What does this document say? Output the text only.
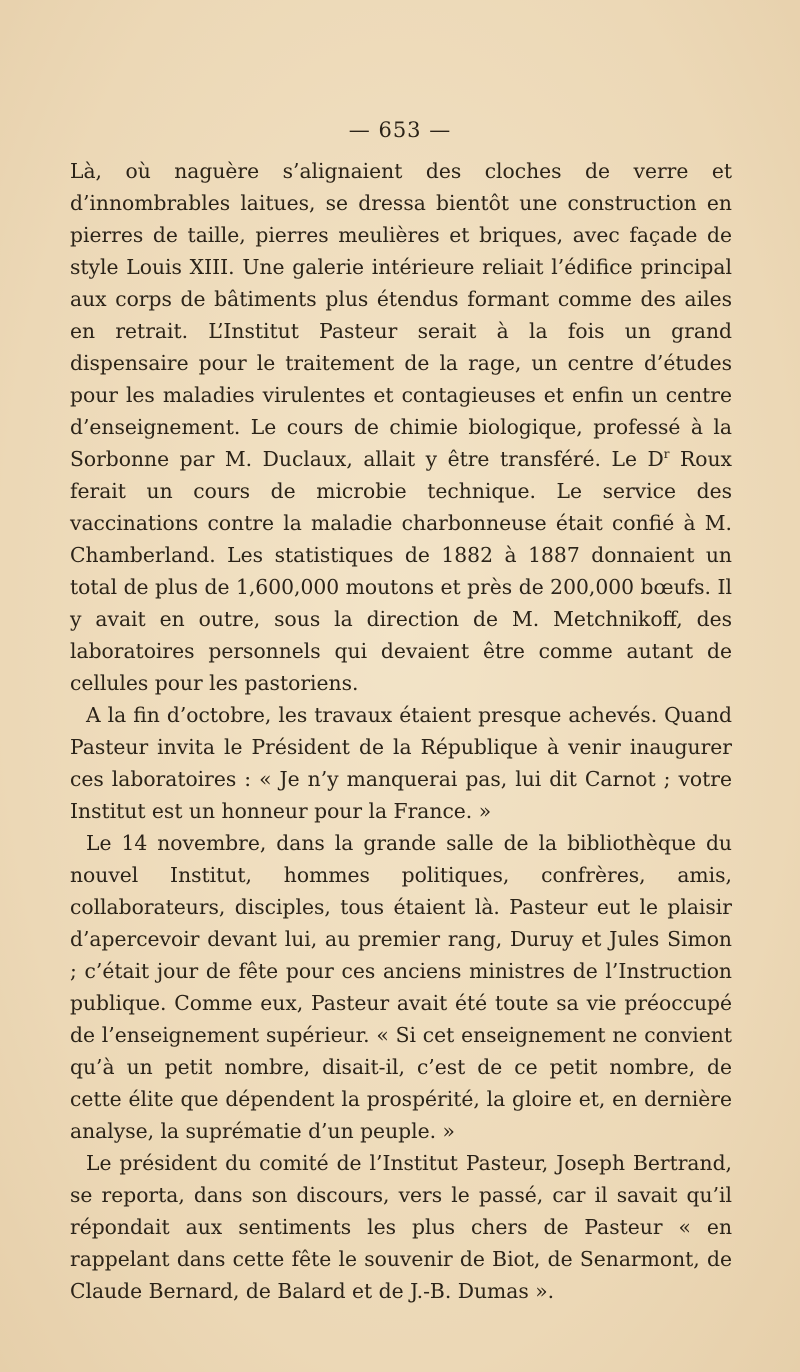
— 653 —

Là, où naguère s’alignaient des cloches de verre et d’innombrables laitues, se dressa bientôt une construction en pierres de taille, pierres meulières et briques, avec façade de style Louis XIII. Une galerie intérieure reliait l’édifice principal aux corps de bâtiments plus étendus formant comme des ailes en retrait. L’Institut Pasteur serait à la fois un grand dispensaire pour le traitement de la rage, un centre d’études pour les maladies virulentes et contagieuses et enfin un centre d’enseignement. Le cours de chimie biologique, professé à la Sorbonne par M. Duclaux, allait y être transféré. Le $D^r$ Roux ferait un cours de microbie technique. Le service des vaccinations contre la maladie charbonneuse était confié à M. Chamberland. Les statistiques de 1882 à 1887 donnaient un total de plus de 1,600,000 moutons et près de 200,000 bœufs. Il y avait en outre, sous la direction de M. Metchnikoff, des laboratoires personnels qui devaient être comme autant de cellules pour les pastoriens.

A la fin d’octobre, les travaux étaient presque achevés. Quand Pasteur invita le Président de la République à venir inaugurer ces laboratoires : « Je n’y manquerai pas, lui dit Carnot ; votre Institut est un honneur pour la France. »

Le 14 novembre, dans la grande salle de la bibliothèque du nouvel Institut, hommes politiques, confrères, amis, collaborateurs, disciples, tous étaient là. Pasteur eut le plaisir d’apercevoir devant lui, au premier rang, Duruy et Jules Simon ; c’était jour de fête pour ces anciens ministres de l’Instruction publique. Comme eux, Pasteur avait été toute sa vie préoccupé de l’enseignement supérieur. « Si cet enseignement ne convient qu’à un petit nombre, disait-il, c’est de ce petit nombre, de cette élite que dépendent la prospérité, la gloire et, en dernière analyse, la suprématie d’un peuple. »

Le président du comité de l’Institut Pasteur, Joseph Bertrand, se reporta, dans son discours, vers le passé, car il savait qu’il répondait aux sentiments les plus chers de Pasteur « en rappelant dans cette fête le souvenir de Biot, de Senarmont, de Claude Bernard, de Balard et de J.-B. Dumas ».
